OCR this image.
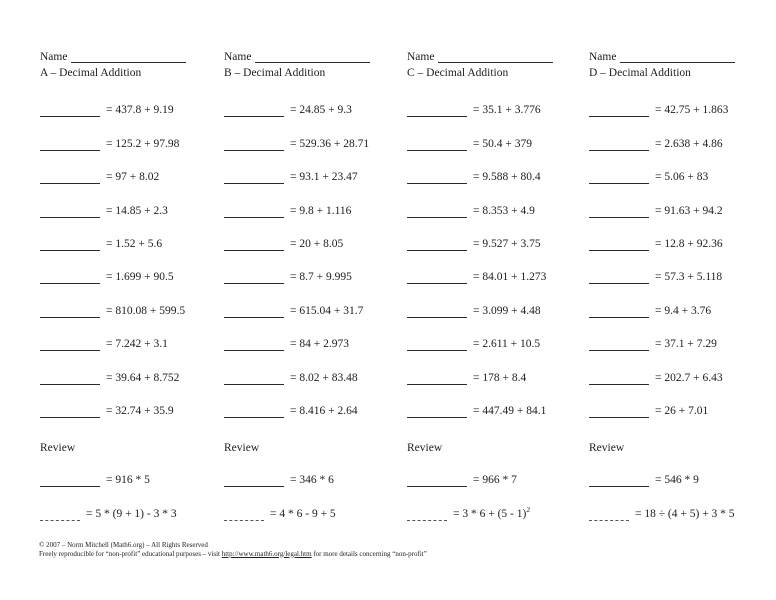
Name
A – Decimal Addition
= 437.8 + 9.19
= 125.2 + 97.98
= 97 + 8.02
= 14.85 + 2.3
= 1.52 + 5.6
= 1.699 + 90.5
= 810.08 + 599.5
= 7.242 + 3.1
= 39.64 + 8.752
= 32.74 + 35.9
Review
= 916 * 5
= 5 * (9 + 1) - 3 * 3
Name
B – Decimal Addition
= 24.85 + 9.3
= 529.36 + 28.71
= 93.1 + 23.47
= 9.8 + 1.116
= 20 + 8.05
= 8.7 + 9.995
= 615.04 + 31.7
= 84 + 2.973
= 8.02 + 83.48
= 8.416 + 2.64
Review
= 346 * 6
= 4 * 6 - 9 + 5
Name
C – Decimal Addition
= 35.1 + 3.776
= 50.4 + 379
= 9.588 + 80.4
= 8.353 + 4.9
= 9.527 + 3.75
= 84.01 + 1.273
= 3.099 + 4.48
= 2.611 + 10.5
= 178 + 8.4
= 447.49 + 84.1
Review
= 966 * 7
= 3 * 6 + (5 - 1)$^2$
Name
D – Decimal Addition
= 42.75 + 1.863
= 2.638 + 4.86
= 5.06 + 83
= 91.63 + 94.2
= 12.8 + 92.36
= 57.3 + 5.118
= 9.4 + 3.76
= 37.1 + 7.29
= 202.7 + 6.43
= 26 + 7.01
Review
= 546 * 9
= 18 ÷ (4 + 5) + 3 * 5
© 2007 – Norm Mitchell (Math6.org) – All Rights Reserved
Freely reproducible for “non-profit” educational purposes – visit http://www.math6.org/legal.htm for more details concerning “non-profit”
